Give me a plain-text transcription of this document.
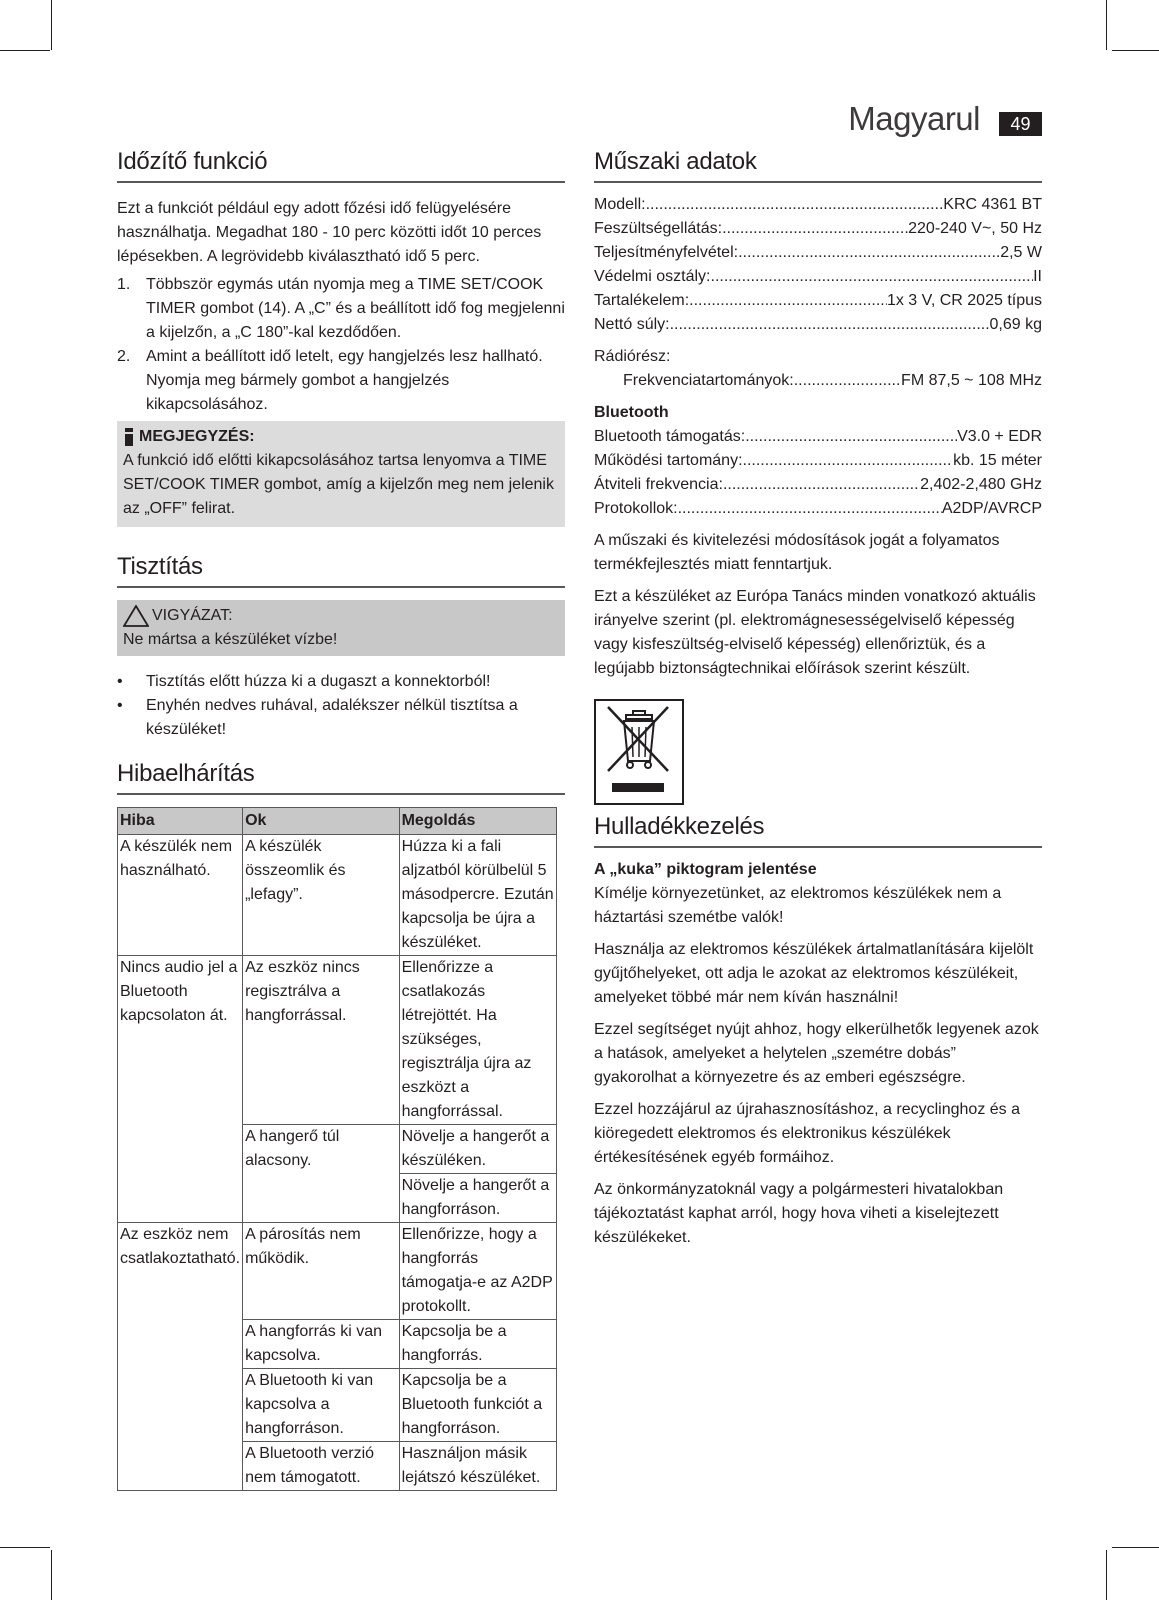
Magyarul	49
Időzítő funkció

Ezt a funkciót például egy adott főzési idő felügyelésére használhatja. Megadhat 180 - 10 perc közötti időt 10 perces lépésekben. A legrövidebb kiválasztható idő 5 perc.

1. Többször egymás után nyomja meg a TIME SET/COOK TIMER gombot (14). A „C” és a beállított idő fog megjelenni a kijelzőn, a „C 180”-kal kezdődően.
2. Amint a beállított idő letelt, egy hangjelzés lesz hallható. Nyomja meg bármely gombot a hangjelzés kikapcsolásához.
MEGJEGYZÉS:

A funkció idő előtti kikapcsolásához tartsa lenyomva a TIME SET/COOK TIMER gombot, amíg a kijelzőn meg nem jelenik az „OFF” felirat.

Tisztítás
VIGYÁZAT:

Ne mártsa a készüléket vízbe!

• Tisztítás előtt húzza ki a dugaszt a konnektorból!
• Enyhén nedves ruhával, adalékszer nélkül tisztítsa a készüléket!
Hibaelhárítás
Hiba	Ok	Megoldás
A készülék nem használható.	A készülék összeomlik és „lefagy”.	Húzza ki a fali aljzatból körülbelül 5 másodpercre. Ezután kapcsolja be újra a készüléket.
Nincs audio jel a Bluetooth kapcsolaton át.	Az eszköz nincs regisztrálva a hangforrással.	Ellenőrizze a csatlakozás létrejöttét. Ha szükséges, regisztrálja újra az eszközt a hangforrással.
	A hangerő túl alacsony.	Növelje a hangerőt a készüléken.
		Növelje a hangerőt a hangforráson.
Az eszköz nem csatlakoztatható.	A párosítás nem működik.	Ellenőrizze, hogy a hangforrás támogatja-e az A2DP protokollt.
	A hangforrás ki van kapcsolva.	Kapcsolja be a hangforrás.
	A Bluetooth ki van kapcsolva a hangforráson.	Kapcsolja be a Bluetooth funkciót a hangforráson.
	A Bluetooth verzió nem támogatott.	Használjon másik lejátszó készüléket.
Műszaki adatok
Modell: .....	KRC 4361 BT
Feszültségellátás: .....	220-240 V~, 50 Hz
Teljesítményfelvétel: .....	2,5 W
Védelmi osztály: .....	II
Tartalékelem: .....	1x 3 V, CR 2025 típus
Nettó súly: .....	0,69 kg

Rádiórész:

Frekvenciatartományok: .....	FM 87,5 ~ 108 MHz

Bluetooth

Bluetooth támogatás: .....	V3.0 + EDR
Működési tartomány: .....	kb. 15 méter
Átviteli frekvencia: .....	2,402-2,480 GHz
Protokollok: .....	A2DP/AVRCP

A műszaki és kivitelezési módosítások jogát a folyamatos termékfejlesztés miatt fenntartjuk.

Ezt a készüléket az Európa Tanács minden vonatkozó aktuális irányelve szerint (pl. elektromágnesességelviselő képesség vagy kisfeszültség-elviselő képesség) ellenőriztük, és a legújabb biztonságtechnikai előírások szerint készült.

Hulladékkezelés

A „kuka” piktogram jelentése

Kímélje környezetünket, az elektromos készülékek nem a háztartási szemétbe valók!

Használja az elektromos készülékek ártalmatlanítására kijelölt gyűjtőhelyeket, ott adja le azokat az elektromos készülékeit, amelyeket többé már nem kíván használni!

Ezzel segítséget nyújt ahhoz, hogy elkerülhetők legyenek azok a hatások, amelyeket a helytelen „szemétre dobás” gyakorolhat a környezetre és az emberi egészségre.

Ezzel hozzájárul az újrahasznosításhoz, a recyclinghoz és a kiöregedett elektromos és elektronikus készülékek értékesítésének egyéb formáihoz.

Az önkormányzatoknál vagy a polgármesteri hivatalokban tájékoztatást kaphat arról, hogy hova viheti a kiselejtezett készülékeket.
